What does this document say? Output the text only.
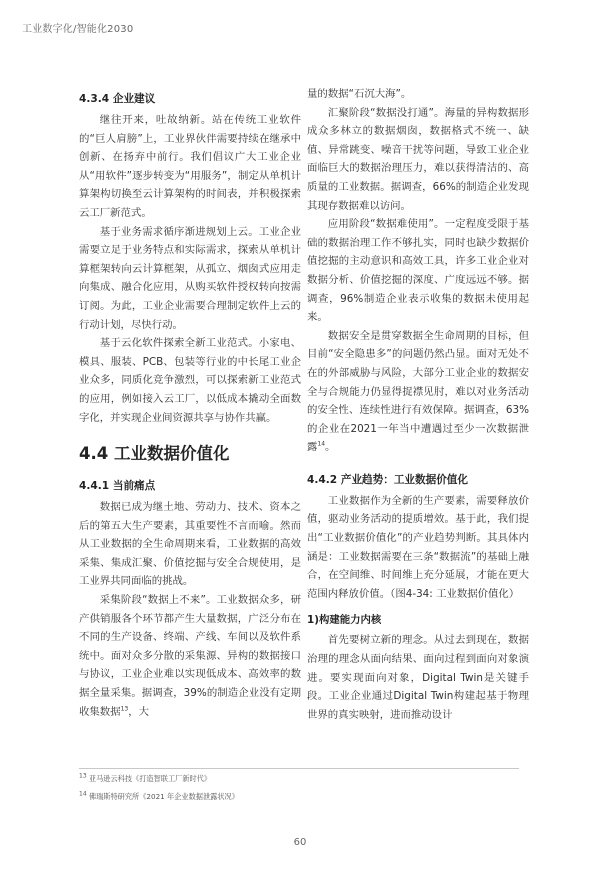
工业数字化/智能化2030
4.3.4 企业建议

继往开来，吐故纳新。站在传统工业软件的“巨人肩膀”上，工业界伙伴需要持续在继承中创新、在扬弃中前行。我们倡议广大工业企业从“用软件”逐步转变为“用服务”，制定从单机计算架构切换至云计算架构的时间表，并积极探索云工厂新范式。

基于业务需求循序渐进规划上云。工业企业需要立足于业务特点和实际需求，探索从单机计算框架转向云计算框架，从孤立、烟囱式应用走向集成、融合化应用，从购买软件授权转向按需订阅。为此，工业企业需要合理制定软件上云的行动计划，尽快行动。

基于云化软件探索全新工业范式。小家电、模具、服装、PCB、包装等行业的中长尾工业企业众多，同质化竞争激烈，可以探索新工业范式的应用，例如接入云工厂，以低成本撬动全面数字化，并实现企业间资源共享与协作共赢。

4.4 工业数据价值化
4.4.1 当前痛点

数据已成为继土地、劳动力、技术、资本之后的第五大生产要素，其重要性不言而喻。然而从工业数据的全生命周期来看，工业数据的高效采集、集成汇聚、价值挖掘与安全合规使用，是工业界共同面临的挑战。

采集阶段“数据上不来”。工业数据众多，研产供销服各个环节都产生大量数据，广泛分布在不同的生产设备、终端、产线、车间以及软件系统中。面对众多分散的采集源、异构的数据接口与协议，工业企业难以实现低成本、高效率的数据全量采集。据调查，39%的制造企业没有定期收集数据$^{13}$，大

量的数据“石沉大海”。

汇聚阶段“数据没打通”。海量的异构数据形成众多林立的数据烟囱，数据格式不统一、缺值、异常跳变、噪音干扰等问题，导致工业企业面临巨大的数据治理压力，难以获得清洁的、高质量的工业数据。据调查，66%的制造企业发现其现存数据难以访问。

应用阶段“数据难使用”。一定程度受限于基础的数据治理工作不够扎实，同时也缺少数据价值挖掘的主动意识和高效工具，许多工业企业对数据分析、价值挖掘的深度、广度远远不够。据调查，96%制造企业表示收集的数据未使用起来。

数据安全是贯穿数据全生命周期的目标，但目前“安全隐患多”的问题仍然凸显。面对无处不在的外部威胁与风险，大部分工业企业的数据安全与合规能力仍显得捉襟见肘，难以对业务活动的安全性、连续性进行有效保障。据调查，63%的企业在2021一年当中遭遇过至少一次数据泄露$^{14}$。

4.4.2 产业趋势：工业数据价值化

工业数据作为全新的生产要素，需要释放价值，驱动业务活动的提质增效。基于此，我们提出“工业数据价值化”的产业趋势判断。其具体内涵是：工业数据需要在三条“数据流”的基础上融合，在空间维、时间维上充分延展，才能在更大范围内释放价值。（图4-34: 工业数据价值化）

1)构建能力内核

首先要树立新的理念。从过去到现在，数据治理的理念从面向结果、面向过程到面向对象演进。要实现面向对象，Digital Twin是关键手段。工业企业通过Digital Twin构建起基于物理世界的真实映射，进而推动设计

$^{13}$ 亚马逊云科技《打造智联工厂新时代》
$^{14}$ 佛瑞斯特研究所《2021 年企业数据泄露状况》
60
